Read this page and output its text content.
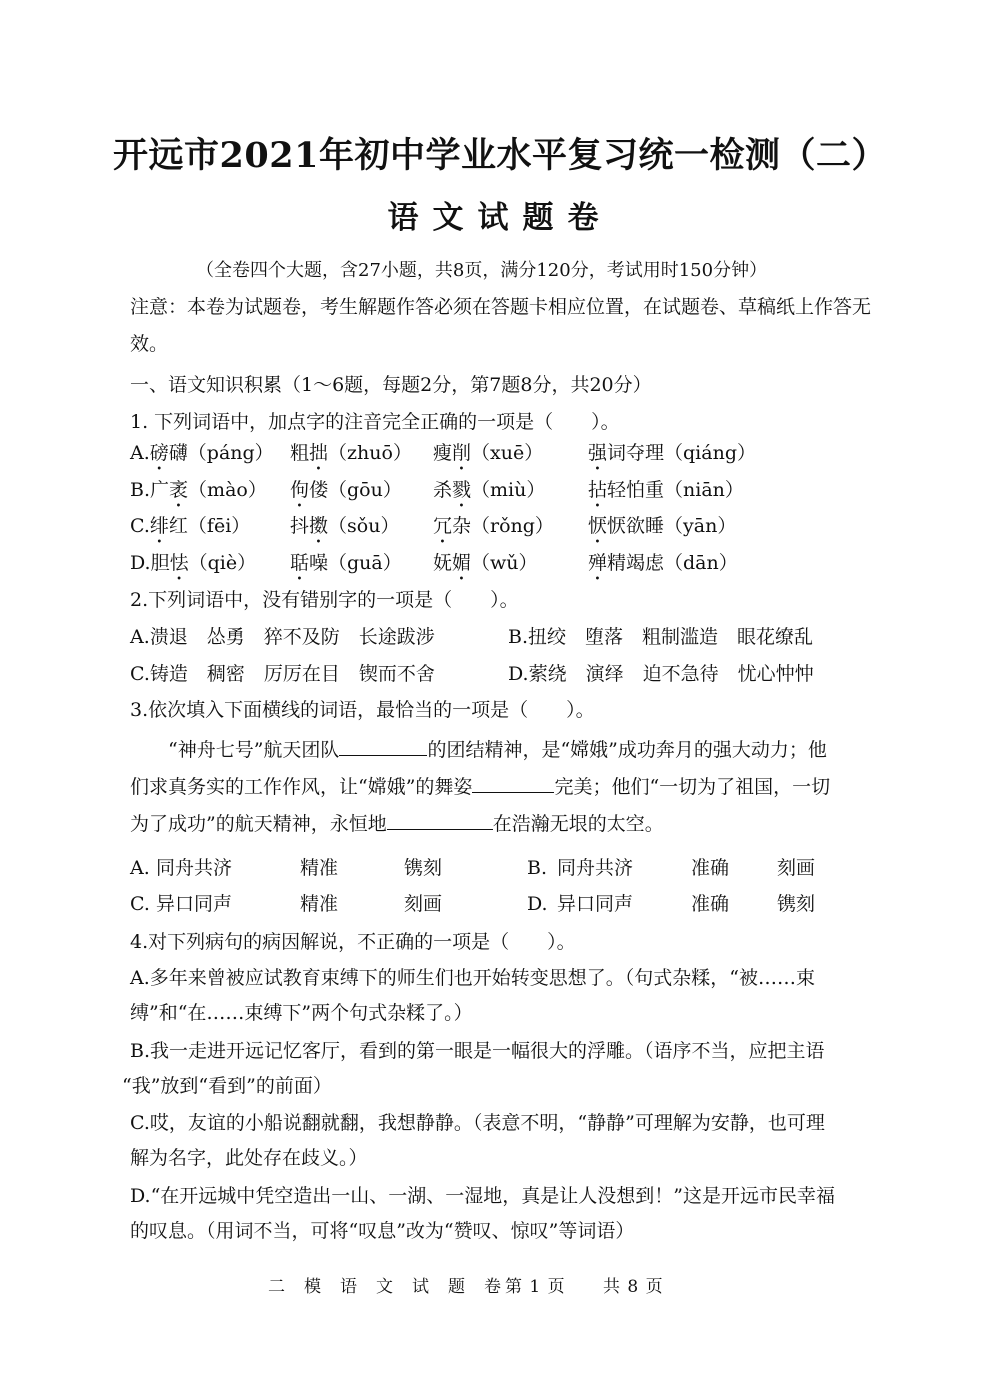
开远市2021年初中学业水平复习统一检测（二）
语文试题卷
（全卷四个大题，含27小题，共8页，满分120分，考试用时150分钟）
注意：本卷为试题卷，考生解题作答必须在答题卡相应位置，在试题卷、草稿纸上作答无
效。
一、语文知识积累（1～6题，每题2分，第7题8分，共20分）
1. 下列词语中，加点字的注音完全正确的一项是（　　）。
A.磅礴（páng） 粗拙（zhuō） 瘦削（xuē） 强词夺理（qiáng）
B.广袤（mào） 佝偻（gōu） 杀戮（miù） 拈轻怕重（niān）
C.绯红（fēi） 抖擞（sǒu） 冗杂（rǒng） 恹恹欲睡（yān）
D.胆怯（qiè） 聒噪（guā） 妩媚（wǔ）	殚精竭虑（dān）
2.下列词语中，没有错别字的一项是（　　）。
A.溃退　怂勇　猝不及防　长途跋涉	B.扭绞　堕落　粗制滥造　眼花缭乱
C.铸造　稠密　厉厉在目　锲而不舍	D.萦绕　演绎　迫不急待　忧心忡忡
3.依次填入下面横线的词语，最恰当的一项是（　　）。
“神舟七号”航天团队	的团结精神，是“嫦娥”成功奔月的强大动力；他
们求真务实的工作作风，让“嫦娥”的舞姿	完美；他们“一切为了祖国，一切
为了成功”的航天精神，永恒地	在浩瀚无垠的太空。
A. 同舟共济	精准	镌刻	B. 同舟共济	准确	刻画
C. 异口同声	精准	刻画	D. 异口同声	准确	镌刻
4.对下列病句的病因解说，不正确的一项是（　　）。
A.多年来曾被应试教育束缚下的师生们也开始转变思想了。（句式杂糅，“被……束
缚”和“在……束缚下”两个句式杂糅了。）
B.我一走进开远记忆客厅，看到的第一眼是一幅很大的浮雕。（语序不当，应把主语
“我”放到“看到”的前面）
C.哎，友谊的小船说翻就翻，我想静静。（表意不明，“静静”可理解为安静，也可理
解为名字，此处存在歧义。）
D.“在开远城中凭空造出一山、一湖、一湿地，真是让人没想到！”这是开远市民幸福
的叹息。（用词不当，可将“叹息”改为“赞叹、惊叹”等词语）
二　模　语　文　试　题　卷 第 1 页 共 8 页
